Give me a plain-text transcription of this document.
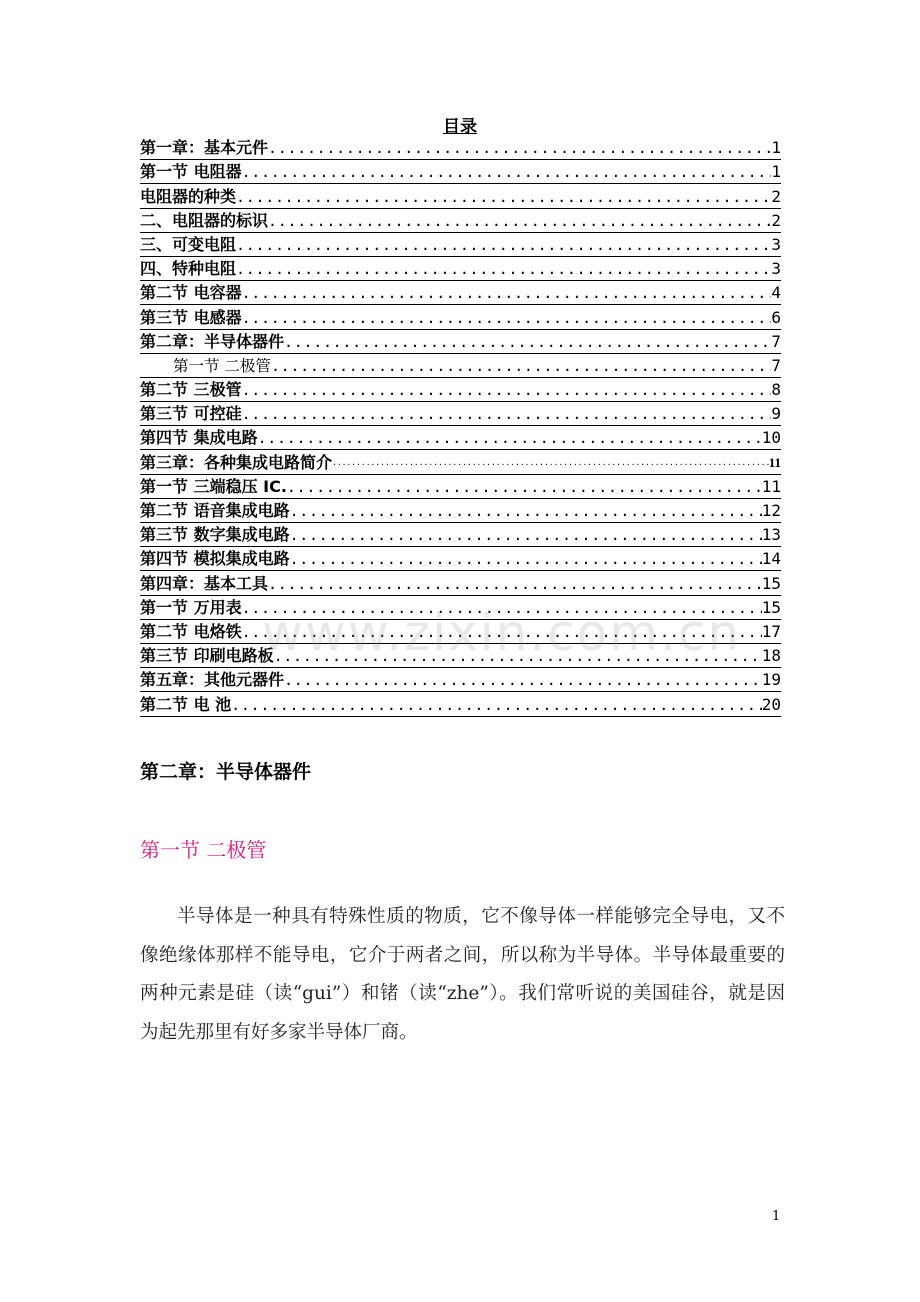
目录
第一章：基本元件 .....	1
第一节 电阻器 .....	1
电阻器的种类 .....	2
二、电阻器的标识 .....	2
三、可变电阻 .....	3
四、特种电阻 .....	3
第二节 电容器 .....	4
第三节 电感器 .....	6
第二章：半导体器件 .....	7
第一节 二极管 .....	7
第二节 三极管 .....	8
第三节 可控硅 .....	9
第四节 集成电路 .....	10
第三章：各种集成电路简介 .....	11
第一节 三端稳压 IC. .....	11
第二节 语音集成电路 .....	12
第三节 数字集成电路 .....	13
第四节 模拟集成电路 .....	14
第四章：基本工具 .....	15
第一节 万用表 .....	15
第二节 电烙铁 .....	17
第三节 印刷电路板 .....	18
第五章：其他元器件 .....	19
第二节 电 池 .....	20
www.zixin.com.cn
第二章：半导体器件
第一节 二极管

半导体是一种具有特殊性质的物质，它不像导体一样能够完全导电，又不像绝缘体那样不能导电，它介于两者之间，所以称为半导体。半导体最重要的两种元素是硅（读“gui”）和锗（读“zhe”）。我们常听说的美国硅谷，就是因为起先那里有好多家半导体厂商。

1
